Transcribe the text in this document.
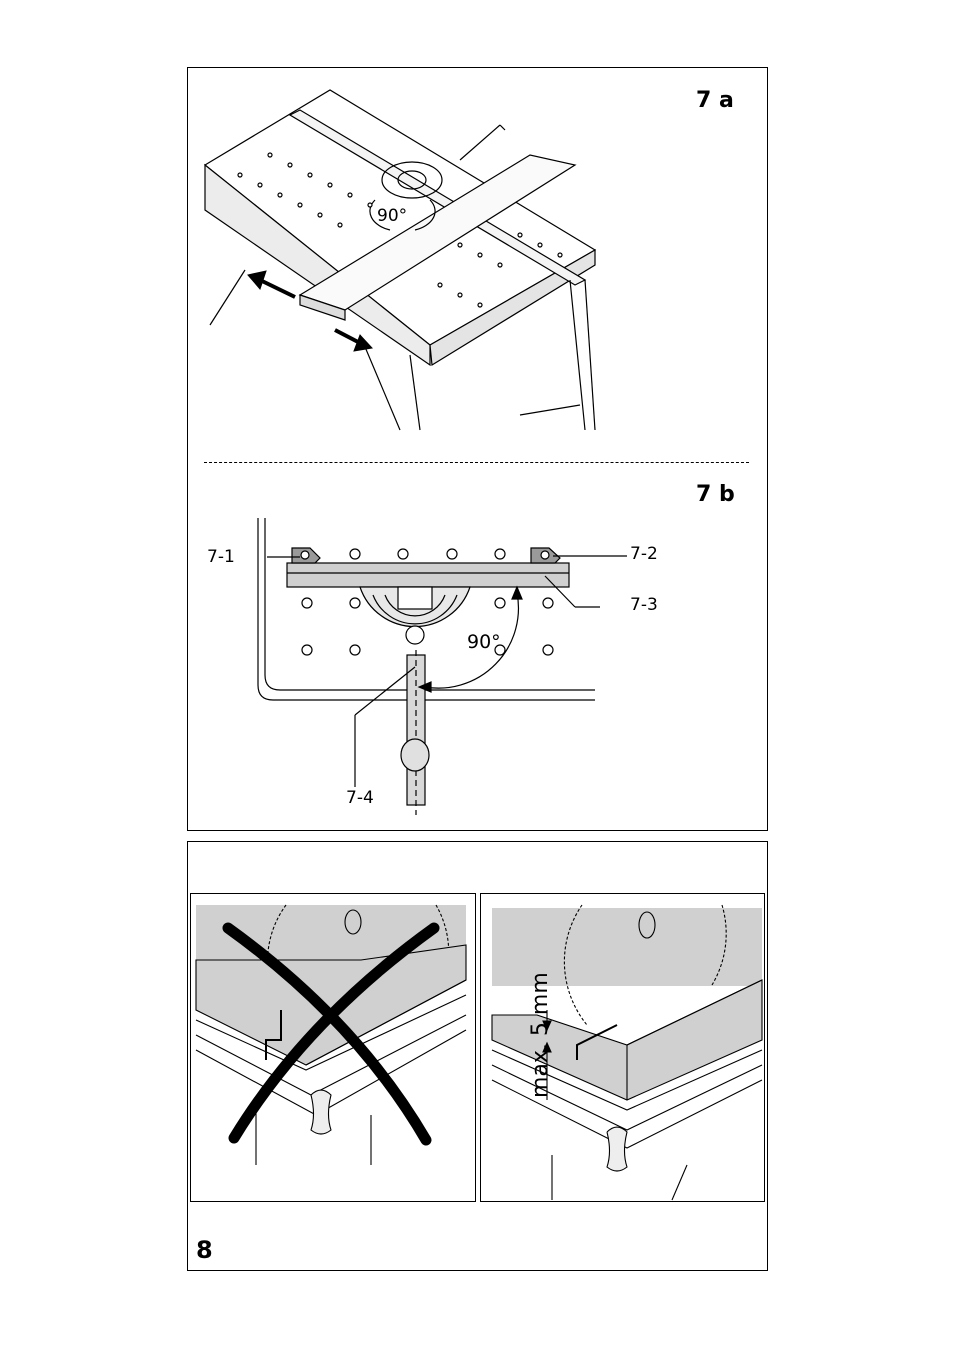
7 a
7 b
90°
7-1	7-2
7-3
7-4
90°
max. 5 mm
8
